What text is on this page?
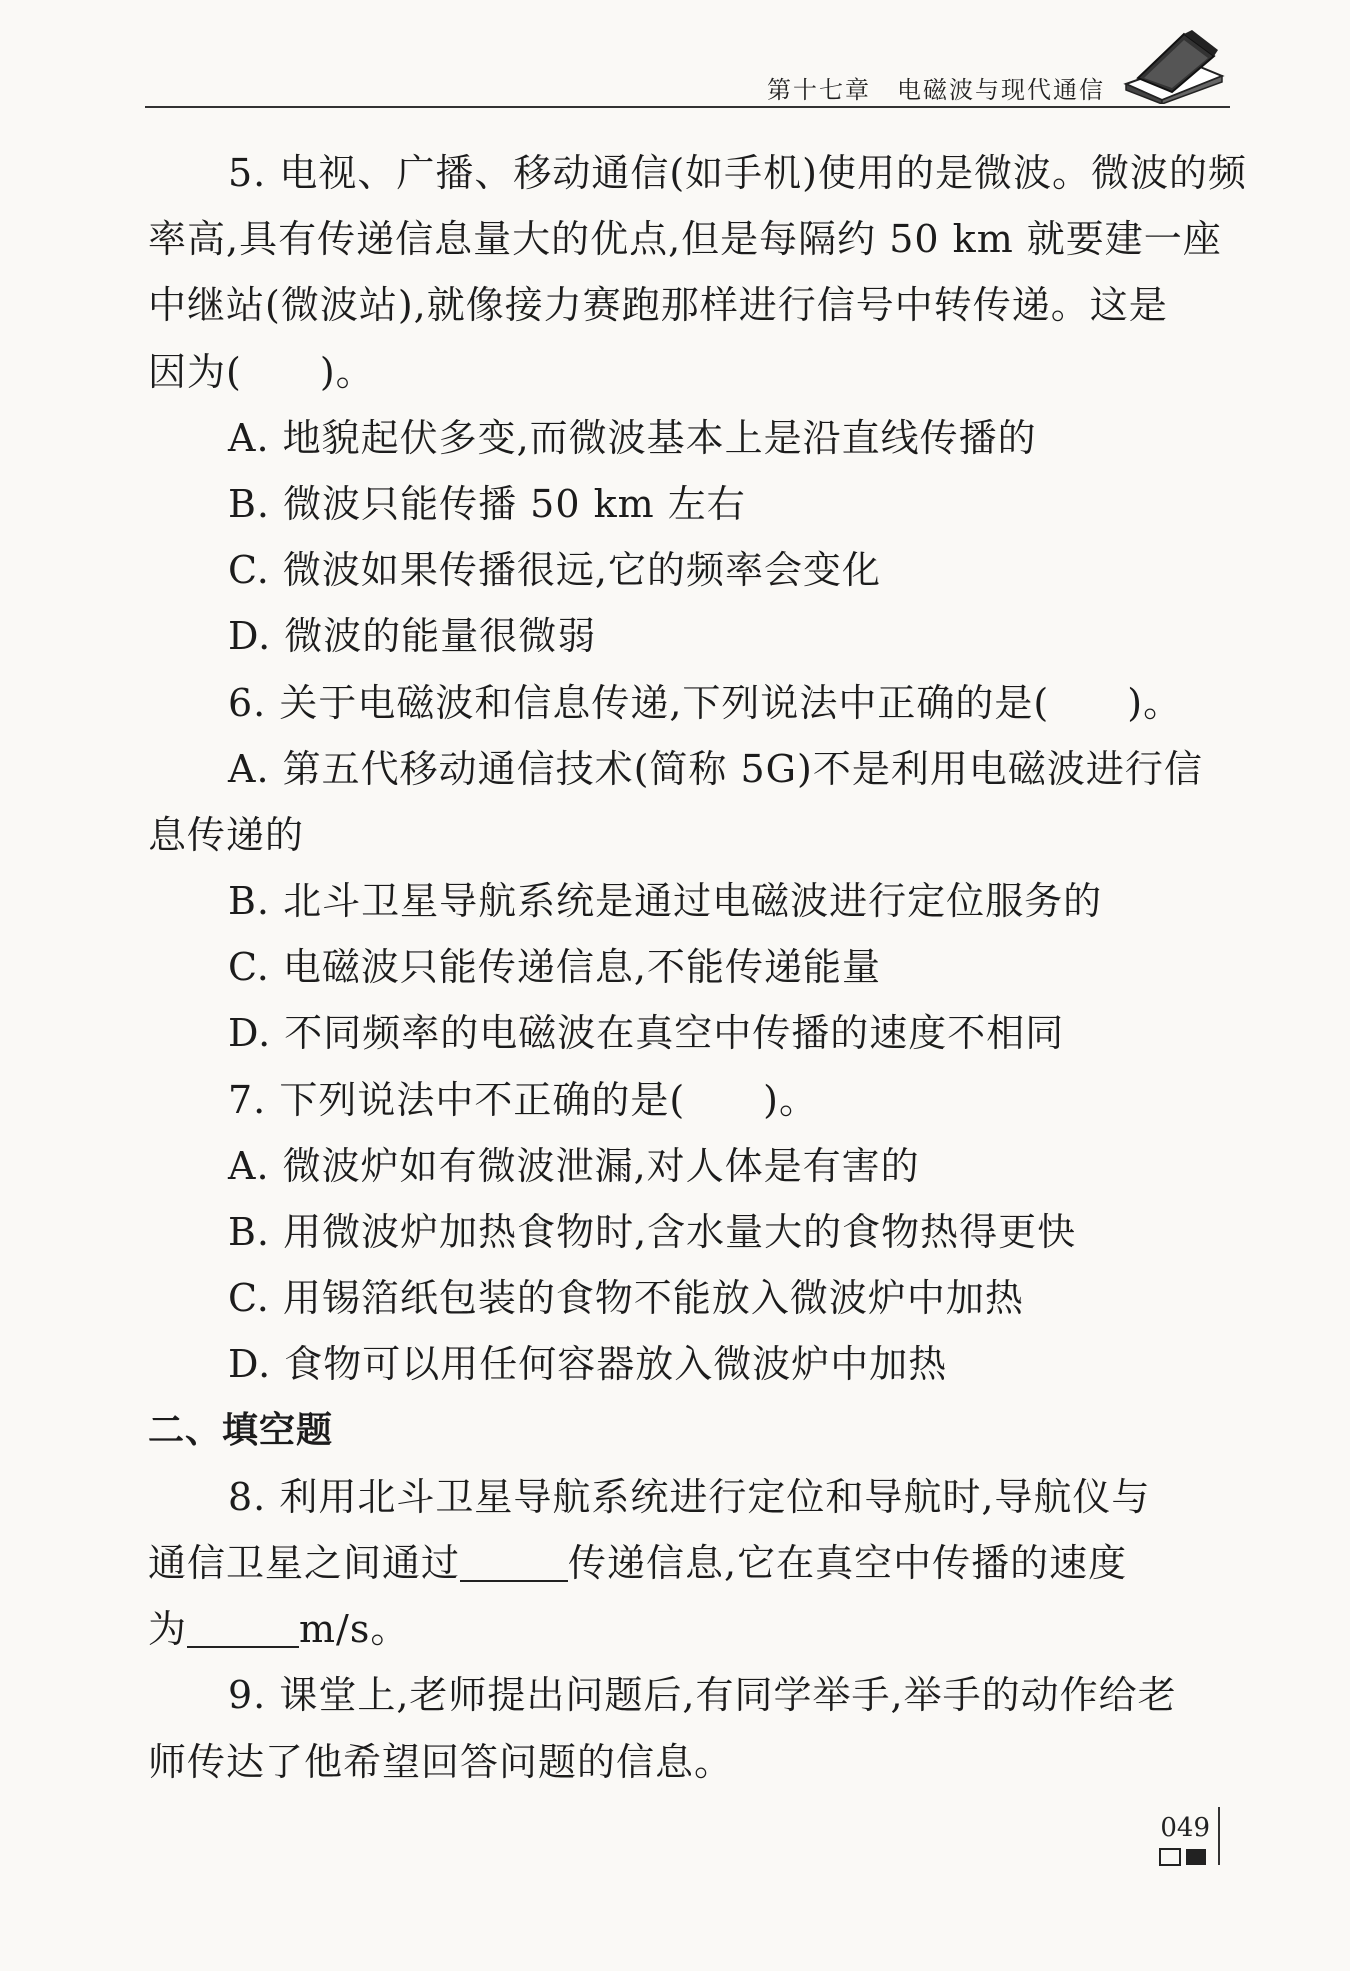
第十七章　电磁波与现代通信
5. 电视、广播、移动通信(如手机)使用的是微波。微波的频
率高,具有传递信息量大的优点,但是每隔约 50 km 就要建一座
中继站(微波站),就像接力赛跑那样进行信号中转传递。这是
因为(　　)。
A. 地貌起伏多变,而微波基本上是沿直线传播的
B. 微波只能传播 50 km 左右
C. 微波如果传播很远,它的频率会变化
D. 微波的能量很微弱
6. 关于电磁波和信息传递,下列说法中正确的是(　　)。
A. 第五代移动通信技术(简称 5G)不是利用电磁波进行信
息传递的
B. 北斗卫星导航系统是通过电磁波进行定位服务的
C. 电磁波只能传递信息,不能传递能量
D. 不同频率的电磁波在真空中传播的速度不相同
7. 下列说法中不正确的是(　　)。
A. 微波炉如有微波泄漏,对人体是有害的
B. 用微波炉加热食物时,含水量大的食物热得更快
C. 用锡箔纸包装的食物不能放入微波炉中加热
D. 食物可以用任何容器放入微波炉中加热
二、填空题
8. 利用北斗卫星导航系统进行定位和导航时,导航仪与
通信卫星之间通过	传递信息,它在真空中传播的速度
为	m/s。
9. 课堂上,老师提出问题后,有同学举手,举手的动作给老
师传达了他希望回答问题的信息。
049
